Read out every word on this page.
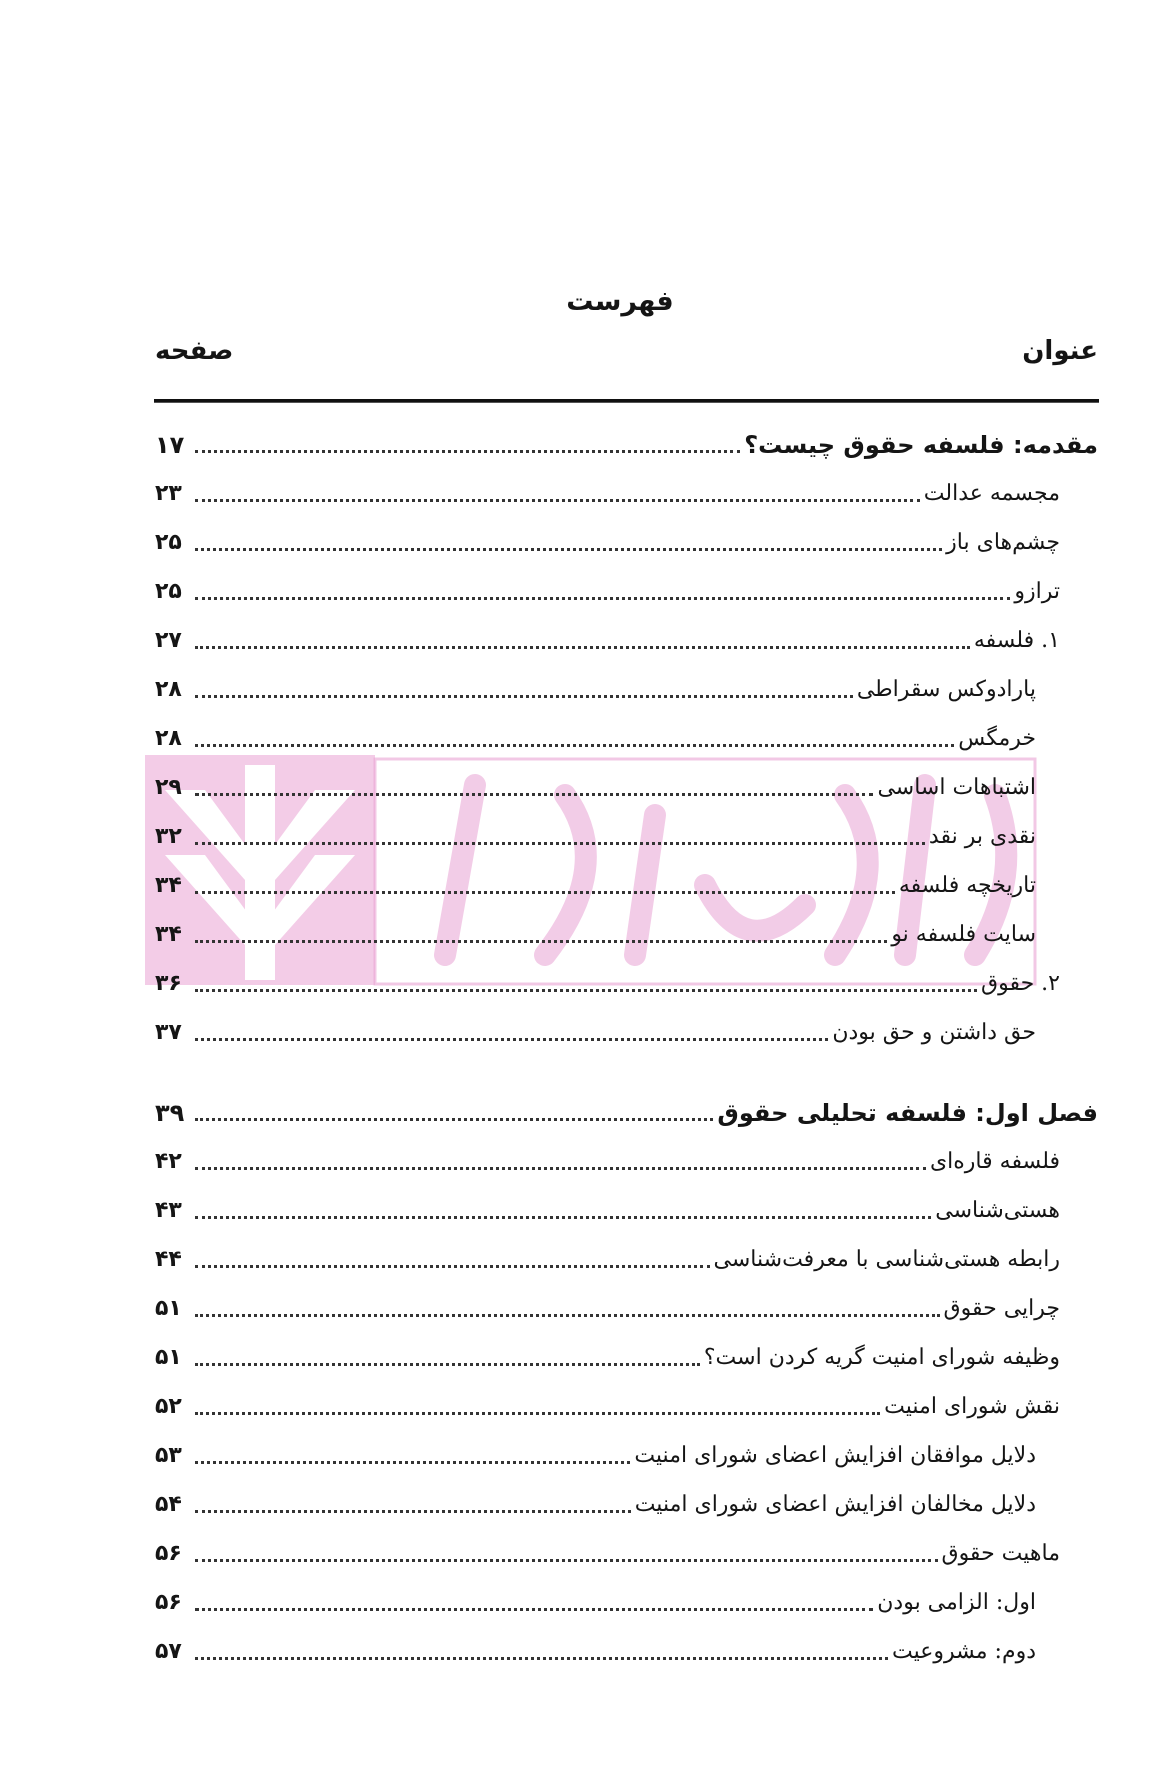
فهرست
عنوان
صفحه
مقدمه: فلسفه حقوق چیست؟
۱۷
مجسمه عدالت
۲۳
چشم‌های باز
۲۵
ترازو
۲۵
۱. فلسفه
۲۷
پارادوکس سقراطی
۲۸
خرمگس
۲۸
اشتباهات اساسی
۲۹
نقدی بر نقد
۳۲
تاریخچه فلسفه
۳۴
سایت فلسفه نو
۳۴
۲. حقوق
۳۶
حق داشتن و حق بودن
۳۷
فصل اول: فلسفه تحلیلی حقوق
۳۹
فلسفه قاره‌ای
۴۲
هستی‌شناسی
۴۳
رابطه هستی‌شناسی با معرفت‌شناسی
۴۴
چرایی حقوق
۵۱
وظیفه شورای امنیت گریه کردن است؟
۵۱
نقش شورای امنیت
۵۲
دلایل موافقان افزایش اعضای شورای امنیت
۵۳
دلایل مخالفان افزایش اعضای شورای امنیت
۵۴
ماهیت حقوق
۵۶
اول: الزامی بودن
۵۶
دوم: مشروعیت
۵۷
